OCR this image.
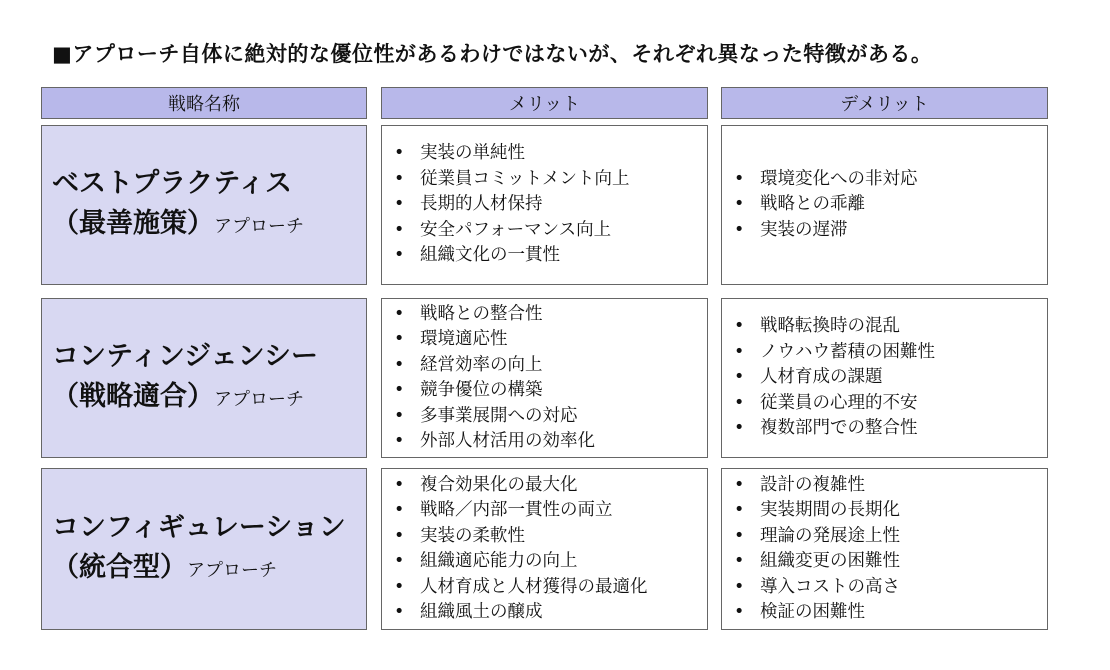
■アプローチ自体に絶対的な優位性があるわけではないが、それぞれ異なった特徴がある。
戦略名称	メリット	デメリット
ベストプラクティス
（最善施策）アプローチ
• 実装の単純性
• 従業員コミットメント向上
• 長期的人材保持
• 安全パフォーマンス向上
• 組織文化の一貫性
• 環境変化への非対応
• 戦略との乖離
• 実装の遅滞
コンティンジェンシー
（戦略適合）アプローチ
• 戦略との整合性
• 環境適応性
• 経営効率の向上
• 競争優位の構築
• 多事業展開への対応
• 外部人材活用の効率化
• 戦略転換時の混乱
• ノウハウ蓄積の困難性
• 人材育成の課題
• 従業員の心理的不安
• 複数部門での整合性
コンフィギュレーション
（統合型）アプローチ
• 複合効果化の最大化
• 戦略／内部一貫性の両立
• 実装の柔軟性
• 組織適応能力の向上
• 人材育成と人材獲得の最適化
• 組織風土の醸成
• 設計の複雑性
• 実装期間の長期化
• 理論の発展途上性
• 組織変更の困難性
• 導入コストの高さ
• 検証の困難性
